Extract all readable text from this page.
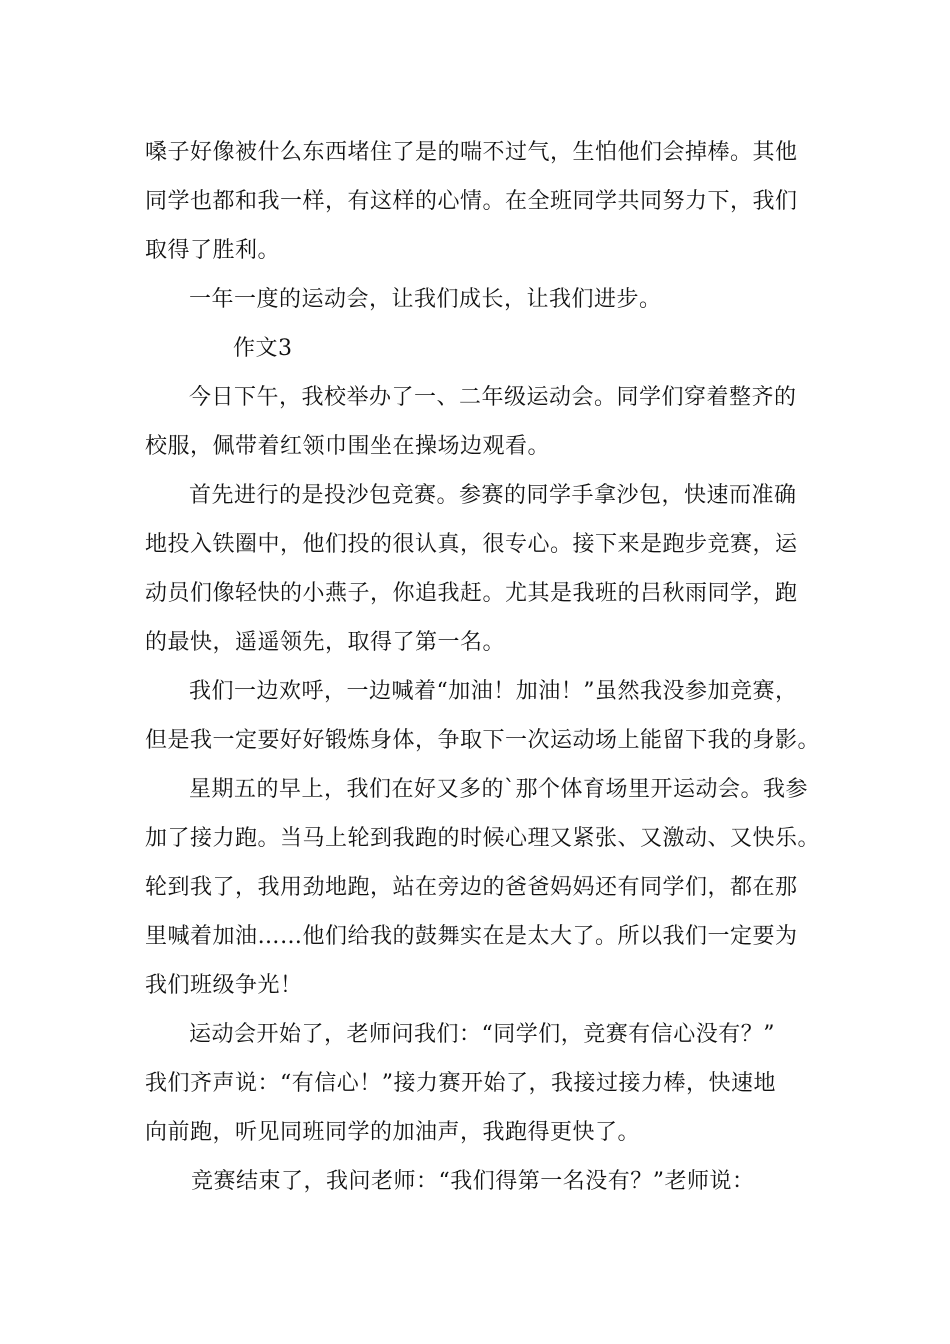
嗓子好像被什么东西堵住了是的喘不过气，生怕他们会掉棒。其他
同学也都和我一样，有这样的心情。在全班同学共同努力下，我们
取得了胜利。

一年一度的运动会，让我们成长，让我们进步。

作文3

今日下午，我校举办了一、二年级运动会。同学们穿着整齐的
校服，佩带着红领巾围坐在操场边观看。

首先进行的是投沙包竞赛。参赛的同学手拿沙包，快速而准确
地投入铁圈中，他们投的很认真，很专心。接下来是跑步竞赛，运
动员们像轻快的小燕子，你追我赶。尤其是我班的吕秋雨同学，跑
的最快，遥遥领先，取得了第一名。

我们一边欢呼，一边喊着“加油！加油！”虽然我没参加竞赛，
但是我一定要好好锻炼身体，争取下一次运动场上能留下我的身影。

星期五的早上，我们在好又多的`那个体育场里开运动会。我参
加了接力跑。当马上轮到我跑的时候心理又紧张、又激动、又快乐。
轮到我了，我用劲地跑，站在旁边的爸爸妈妈还有同学们，都在那
里喊着加油……他们给我的鼓舞实在是太大了。所以我们一定要为
我们班级争光！

运动会开始了，老师问我们：“同学们，竞赛有信心没有？”
我们齐声说：“有信心！”接力赛开始了，我接过接力棒，快速地
向前跑，听见同班同学的加油声，我跑得更快了。

竞赛结束了，我问老师：“我们得第一名没有？”老师说：
